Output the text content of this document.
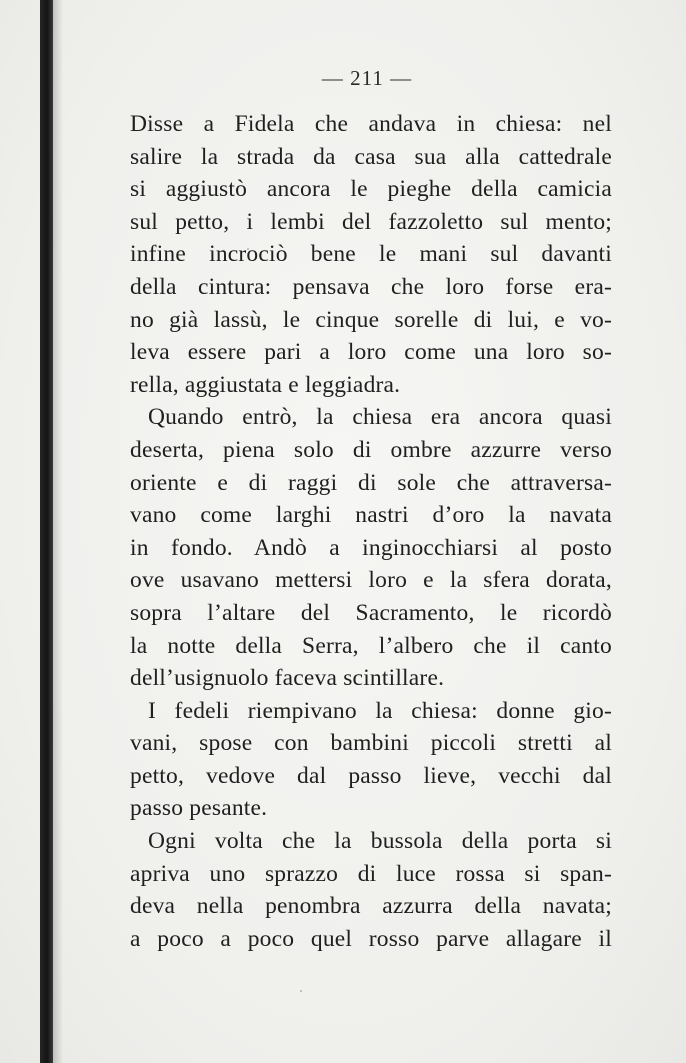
— 211 —
Disse a Fidela che andava in chiesa: nel
salire la strada da casa sua alla cattedrale
si aggiustò ancora le pieghe della camicia
sul petto, i lembi del fazzoletto sul mento;
infine incrociò bene le mani sul davanti
della cintura: pensava che loro forse era-
no già lassù, le cinque sorelle di lui, e vo-
leva essere pari a loro come una loro so-
rella, aggiustata e leggiadra.
Quando entrò, la chiesa era ancora quasi
deserta, piena solo di ombre azzurre verso
oriente e di raggi di sole che attraversa-
vano come larghi nastri d’oro la navata
in fondo. Andò a inginocchiarsi al posto
ove usavano mettersi loro e la sfera dorata,
sopra l’altare del Sacramento, le ricordò
la notte della Serra, l’albero che il canto
dell’usignuolo faceva scintillare.
I fedeli riempivano la chiesa: donne gio-
vani, spose con bambini piccoli stretti al
petto, vedove dal passo lieve, vecchi dal
passo pesante.
Ogni volta che la bussola della porta si
apriva uno sprazzo di luce rossa si span-
deva nella penombra azzurra della navata;
a poco a poco quel rosso parve allagare il
